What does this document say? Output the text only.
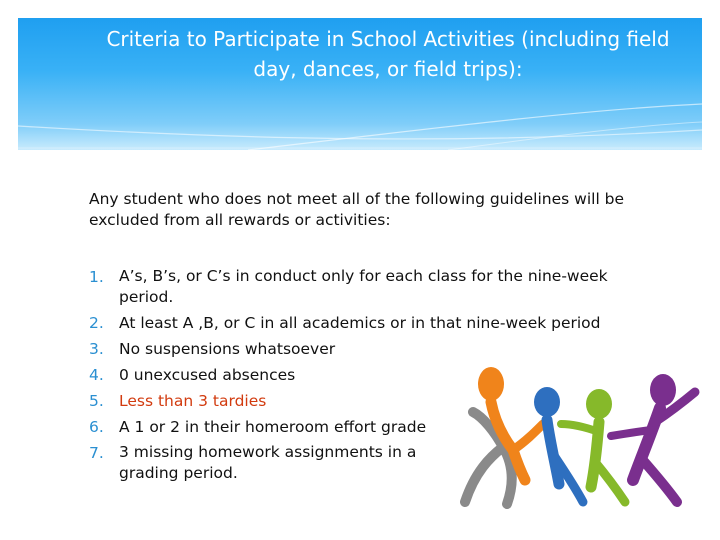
Criteria to Participate in School Activities (including field day, dances, or field trips):
Any student who does not meet all of the following guidelines will be excluded from all rewards or activities:
1. A’s, B’s, or C’s in conduct only for each class for the nine-week period.
2. At least A ,B, or C in all academics or in that nine-week period
3. No suspensions whatsoever
4. 0 unexcused absences
5. Less than 3 tardies
6. A 1 or 2 in their homeroom effort grade
7. 3 missing homework assignments in a grading period.
